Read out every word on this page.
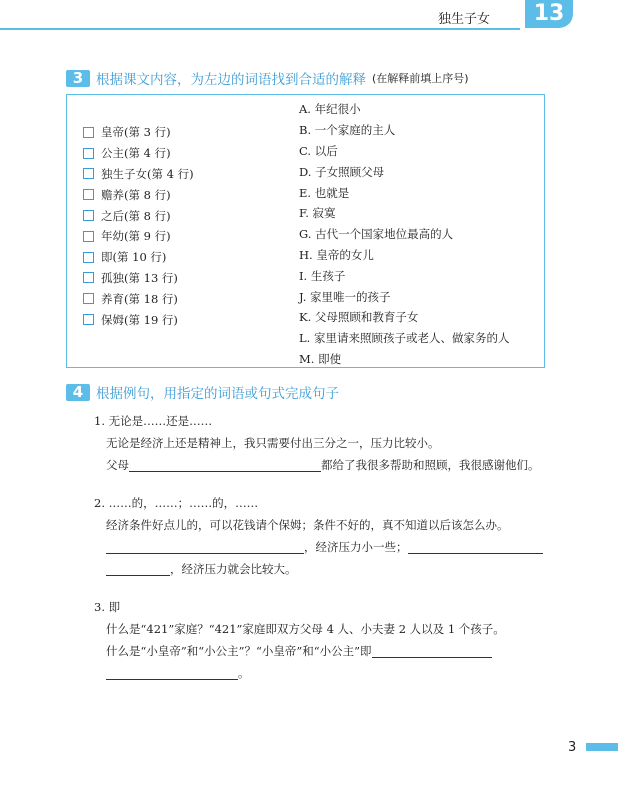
独生子女	13
3 根据课文内容，为左边的词语找到合适的解释 (在解释前填上序号)
皇帝(第 3 行)
公主(第 4 行)
独生子女(第 4 行)
赡养(第 8 行)
之后(第 8 行)
年幼(第 9 行)
即(第 10 行)
孤独(第 13 行)
养育(第 18 行)
保姆(第 19 行)
A. 年纪很小
B. 一个家庭的主人
C. 以后
D. 子女照顾父母
E. 也就是
F. 寂寞
G. 古代一个国家地位最高的人
H. 皇帝的女儿
I. 生孩子
J. 家里唯一的孩子
K. 父母照顾和教育子女
L. 家里请来照顾孩子或老人、做家务的人
M. 即使
4 根据例句，用指定的词语或句式完成句子
1. 无论是……还是……
无论是经济上还是精神上，我只需要付出三分之一，压力比较小。
父母	都给了我很多帮助和照顾，我很感谢他们。
2. ……的，……；……的，……
经济条件好点儿的，可以花钱请个保姆；条件不好的，真不知道以后该怎么办。
，经济压力小一些；
，经济压力就会比较大。
3. 即
什么是“421”家庭？“421”家庭即双方父母 4 人、小夫妻 2 人以及 1 个孩子。
什么是“小皇帝”和“小公主”？“小皇帝”和“小公主”即
。
3
